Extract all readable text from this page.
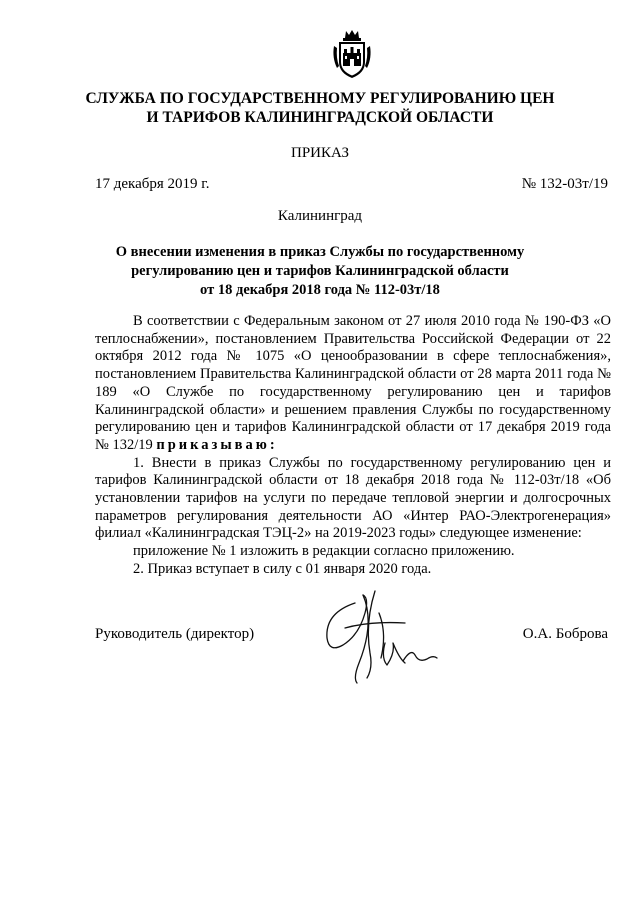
СЛУЖБА ПО ГОСУДАРСТВЕННОМУ РЕГУЛИРОВАНИЮ ЦЕН
И ТАРИФОВ КАЛИНИНГРАДСКОЙ ОБЛАСТИ
ПРИКАЗ
17 декабря 2019 г.	№ 132-03т/19
Калининград
О внесении изменения в приказ Службы по государственному
регулированию цен и тарифов Калининградской области
от 18 декабря 2018 года № 112-03т/18

В соответствии с Федеральным законом от 27 июля 2010 года № 190-ФЗ «О теплоснабжении», постановлением Правительства Российской Федерации от 22 октября 2012 года № 1075 «О ценообразовании в сфере теплоснабжения», постановлением Правительства Калининградской области от 28 марта 2011 года № 189 «О Службе по государственному регулированию цен и тарифов Калининградской области» и решением правления Службы по государственному регулированию цен и тарифов Калининградской области от 17 декабря 2019 года № 132/19 приказываю:

1. Внести в приказ Службы по государственному регулированию цен и тарифов Калининградской области от 18 декабря 2018 года № 112-03т/18 «Об установлении тарифов на услуги по передаче тепловой энергии и долгосрочных параметров регулирования деятельности АО «Интер РАО-Электрогенерация» филиал «Калининградская ТЭЦ-2» на 2019-2023 годы» следующее изменение:

приложение № 1 изложить в редакции согласно приложению.

2. Приказ вступает в силу с 01 января 2020 года.

Руководитель (директор)	О.А. Боброва
